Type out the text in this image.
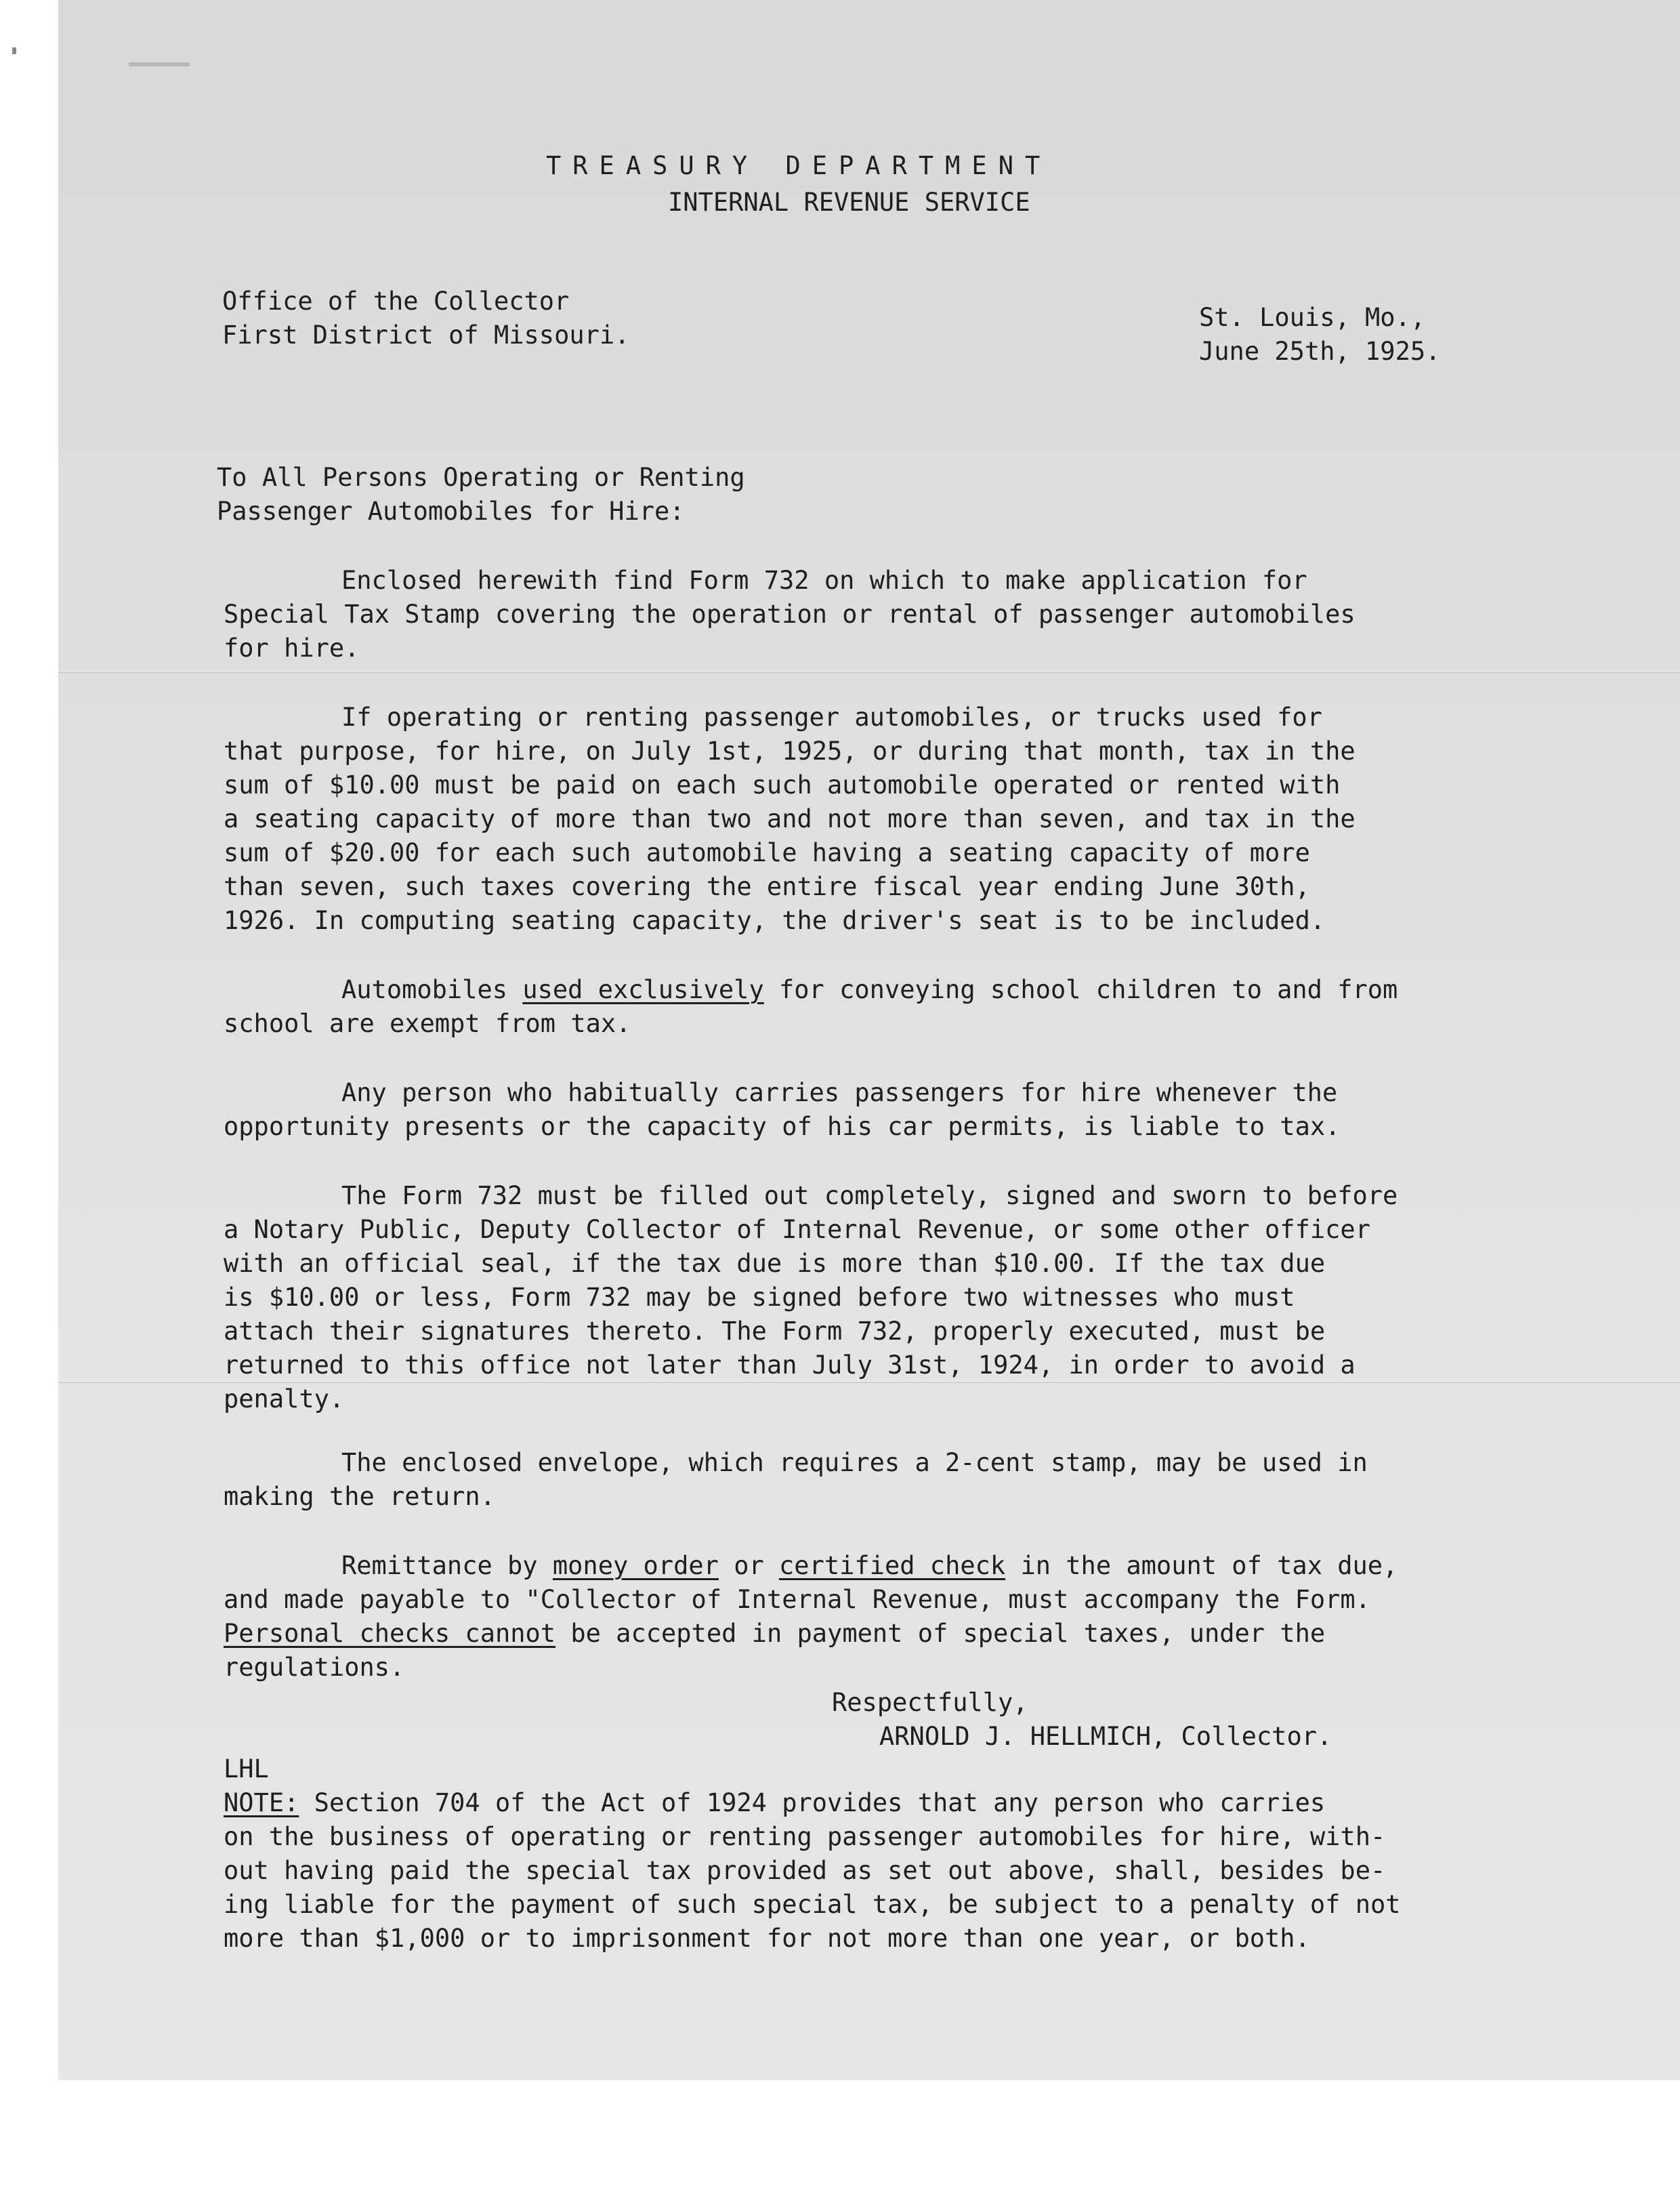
TREASURY DEPARTMENT

INTERNAL REVENUE SERVICE

Office of the Collector

First District of Missouri.

St. Louis, Mo.,

June 25th, 1925.

To All Persons Operating or Renting

Passenger Automobiles for Hire:

Enclosed herewith find Form 732 on which to make application for

Special Tax Stamp covering the operation or rental of passenger automobiles

for hire.

If operating or renting passenger automobiles, or trucks used for

that purpose, for hire, on July 1st, 1925, or during that month, tax in the

sum of $10.00 must be paid on each such automobile operated or rented with

a seating capacity of more than two and not more than seven, and tax in the

sum of $20.00 for each such automobile having a seating capacity of more

than seven, such taxes covering the entire fiscal year ending June 30th,

1926. In computing seating capacity, the driver's seat is to be included.

Automobiles used exclusively for conveying school children to and from

school are exempt from tax.

Any person who habitually carries passengers for hire whenever the

opportunity presents or the capacity of his car permits, is liable to tax.

The Form 732 must be filled out completely, signed and sworn to before

a Notary Public, Deputy Collector of Internal Revenue, or some other officer

with an official seal, if the tax due is more than $10.00. If the tax due

is $10.00 or less, Form 732 may be signed before two witnesses who must

attach their signatures thereto. The Form 732, properly executed, must be

returned to this office not later than July 31st, 1924, in order to avoid a

penalty.

The enclosed envelope, which requires a 2-cent stamp, may be used in

making the return.

Remittance by money order or certified check in the amount of tax due,

and made payable to "Collector of Internal Revenue, must accompany the Form.

Personal checks cannot be accepted in payment of special taxes, under the

regulations.

Respectfully,

ARNOLD J. HELLMICH, Collector.

LHL

NOTE: Section 704 of the Act of 1924 provides that any person who carries

on the business of operating or renting passenger automobiles for hire, with-

out having paid the special tax provided as set out above, shall, besides be-

ing liable for the payment of such special tax, be subject to a penalty of not

more than $1,000 or to imprisonment for not more than one year, or both.
